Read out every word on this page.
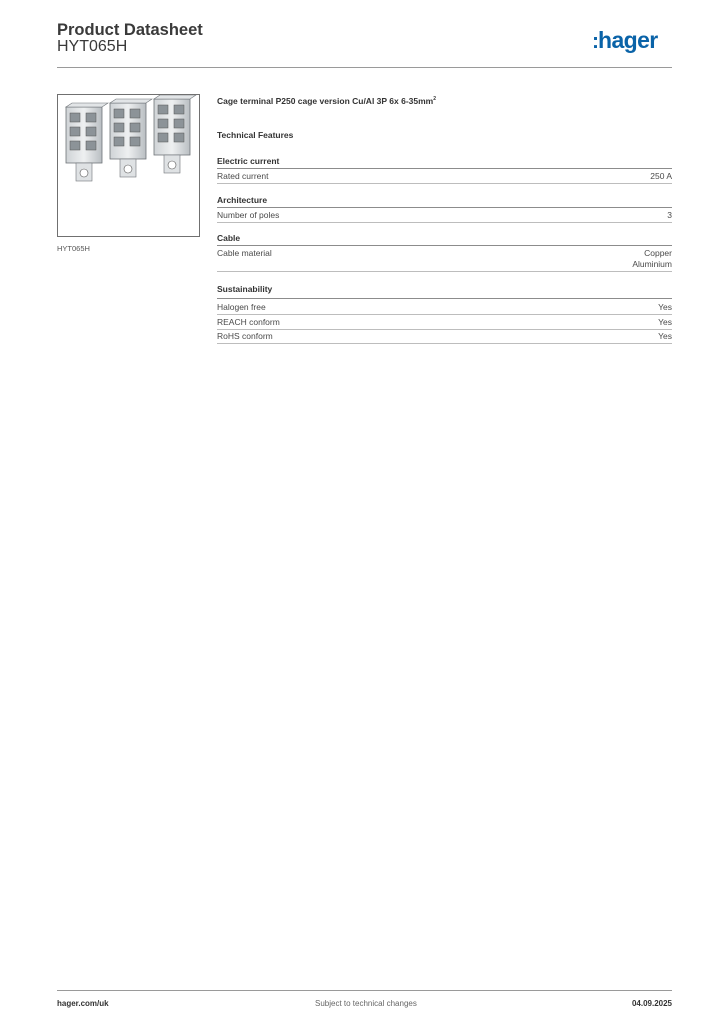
Product Datasheet
HYT065H	:hager
HYT065H
Cage terminal P250 cage version Cu/Al 3P 6x $6-35mm^2$
Technical Features
Electric current
Rated current	250 A
Architecture
Number of poles	3
Cable
Cable material	Copper
Aluminium
Sustainability
Halogen free	Yes
REACH conform	Yes
RoHS conform	Yes
hager.com/uk	Subject to technical changes	04.09.2025
